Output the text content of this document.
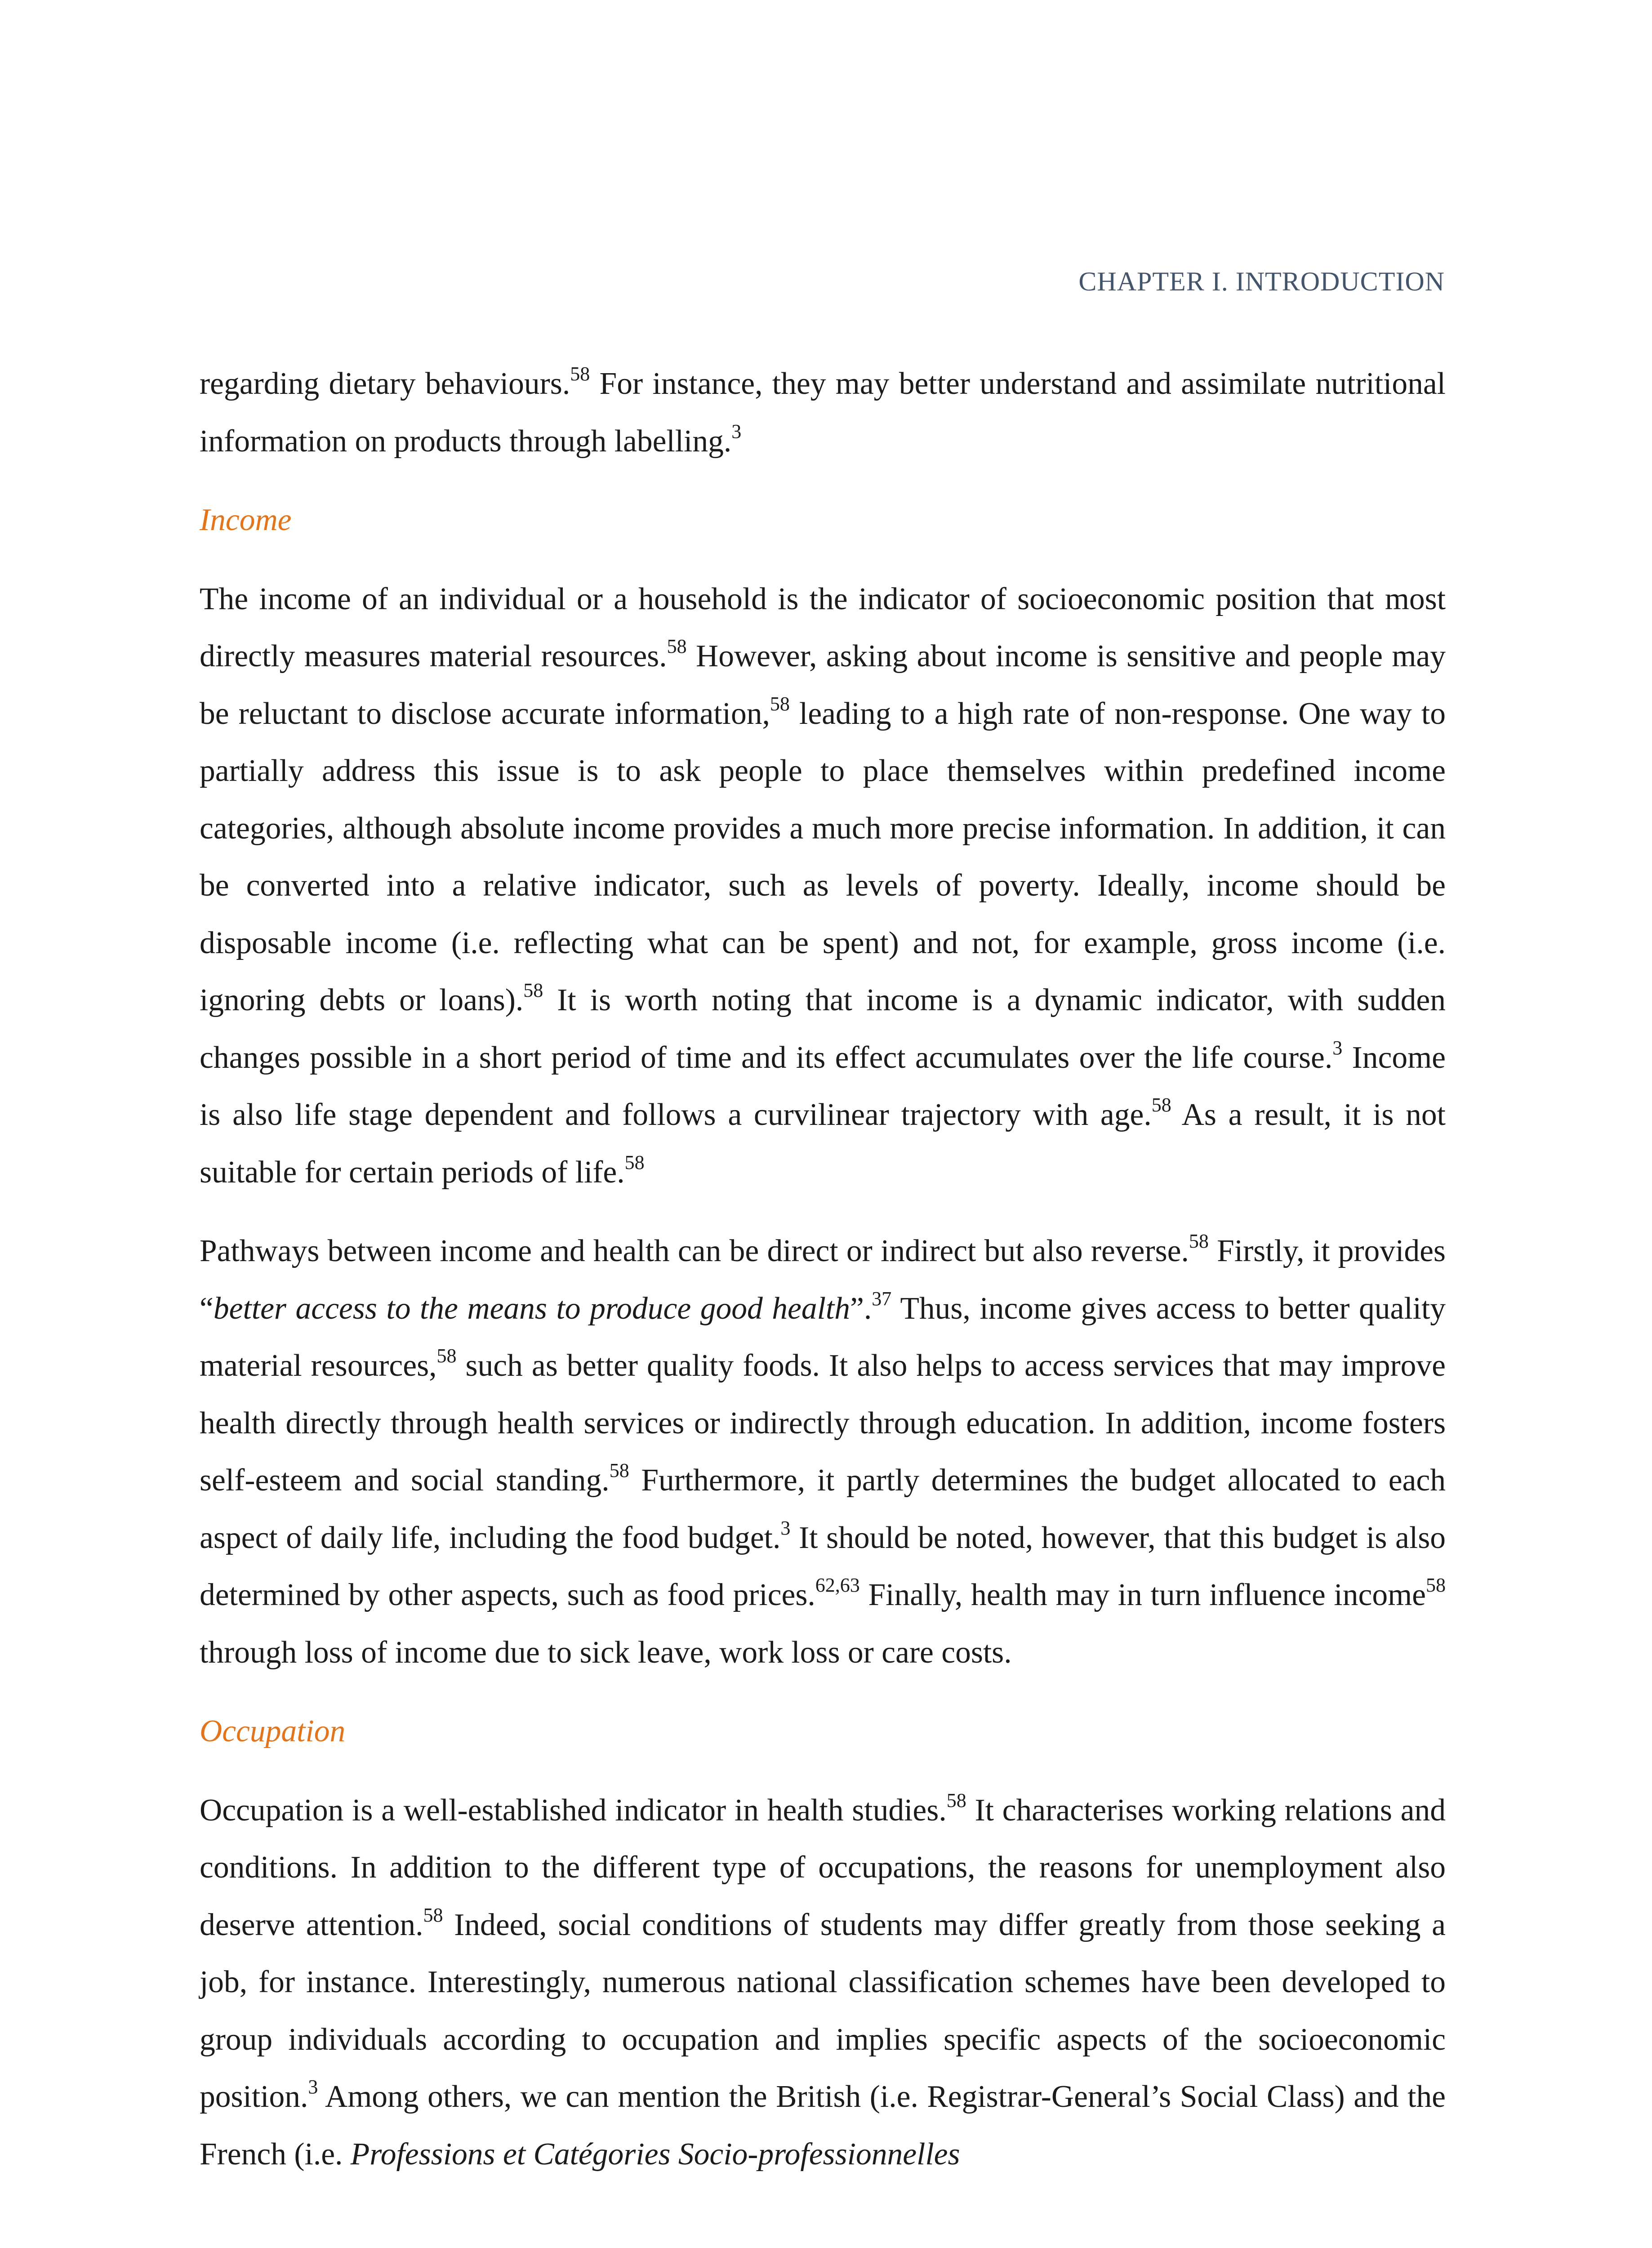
CHAPTER I. INTRODUCTION

regarding dietary behaviours.$^{58}$ For instance, they may better understand and assimilate nutritional information on products through labelling.$^3$

Income

The income of an individual or a household is the indicator of socioeconomic position that most directly measures material resources.$^{58}$ However, asking about income is sensitive and people may be reluctant to disclose accurate information,$^{58}$ leading to a high rate of non-response. One way to partially address this issue is to ask people to place themselves within predefined income categories, although absolute income provides a much more precise information. In addition, it can be converted into a relative indicator, such as levels of poverty. Ideally, income should be disposable income (i.e. reflecting what can be spent) and not, for example, gross income (i.e. ignoring debts or loans).$^{58}$ It is worth noting that income is a dynamic indicator, with sudden changes possible in a short period of time and its effect accumulates over the life course.$^3$ Income is also life stage dependent and follows a curvilinear trajectory with age.$^{58}$ As a result, it is not suitable for certain periods of life.$^{58}$

Pathways between income and health can be direct or indirect but also reverse.$^{58}$ Firstly, it provides “better access to the means to produce good health”.$^{37}$ Thus, income gives access to better quality material resources,$^{58}$ such as better quality foods. It also helps to access services that may improve health directly through health services or indirectly through education. In addition, income fosters self-esteem and social standing.$^{58}$ Furthermore, it partly determines the budget allocated to each aspect of daily life, including the food budget.$^3$ It should be noted, however, that this budget is also determined by other aspects, such as food prices.$^{62,63}$ Finally, health may in turn influence income$^{58}$ through loss of income due to sick leave, work loss or care costs.

Occupation

Occupation is a well-established indicator in health studies.$^{58}$ It characterises working relations and conditions. In addition to the different type of occupations, the reasons for unemployment also deserve attention.$^{58}$ Indeed, social conditions of students may differ greatly from those seeking a job, for instance. Interestingly, numerous national classification schemes have been developed to group individuals according to occupation and implies specific aspects of the socioeconomic position.$^3$ Among others, we can mention the British (i.e. Registrar-General’s Social Class) and the French (i.e. Professions et Catégories Socio-professionnelles
